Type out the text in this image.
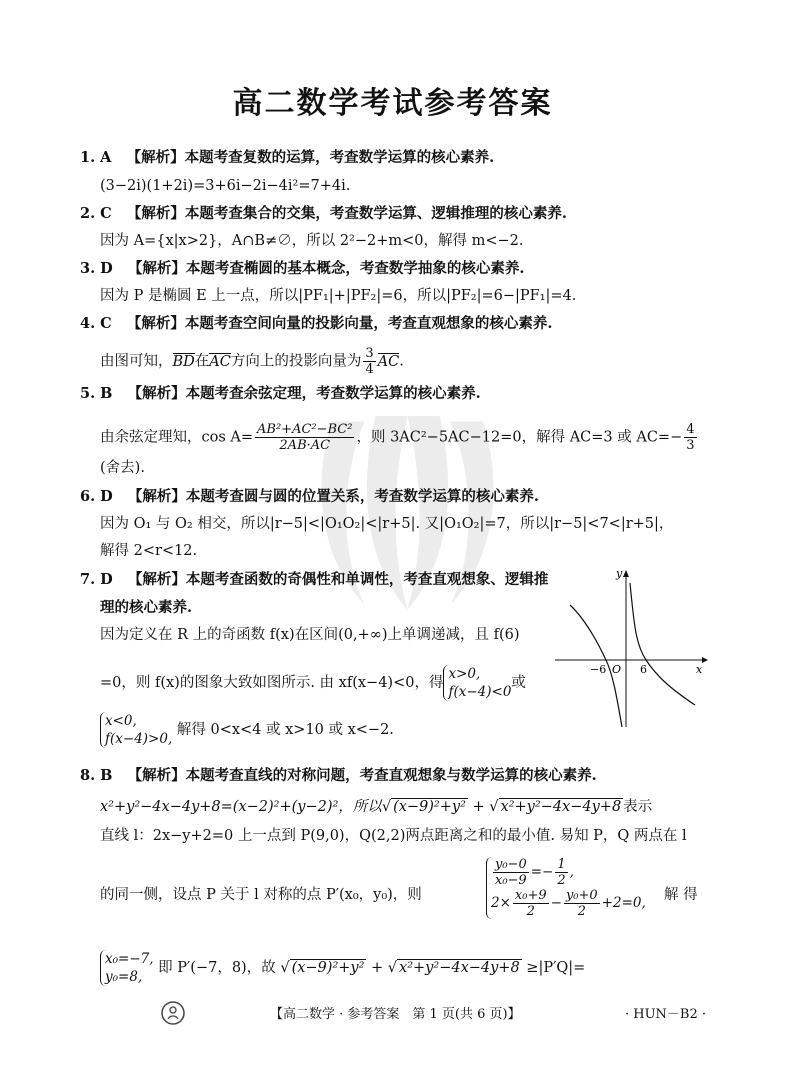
高二数学考试参考答案
1. A 【解析】本题考查复数的运算，考查数学运算的核心素养.
(3−2i)(1+2i)=3+6i−2i−4i²=7+4i.
2. C 【解析】本题考查集合的交集，考查数学运算、逻辑推理的核心素养.
因为 A={x|x>2}，A∩B≠∅，所以 2²−2+m<0，解得 m<−2.
3. D 【解析】本题考查椭圆的基本概念，考查数学抽象的核心素养.
因为 P 是椭圆 E 上一点，所以|PF₁|+|PF₂|=6，所以|PF₂|=6−|PF₁|=4.
4. C 【解析】本题考查空间向量的投影向量，考查直观想象的核心素养.
由图可知，BD在AC方向上的投影向量为 $\frac{3}{4}$ AC.
5. B 【解析】本题考查余弦定理，考查数学运算的核心素养.
由余弦定理知，$\cos A= \frac{\text{AB²+AC²−BC²}}{2AB\cdot AC}$ ，则 3AC²−5AC−12=0，解得 AC=3 或 $AC=- \frac{4}{3}$
(舍去).
6. D 【解析】本题考查圆与圆的位置关系，考查数学运算的核心素养.
因为 O₁ 与 O₂ 相交，所以|r−5|<|O₁O₂|<|r+5|. 又|O₁O₂|=7，所以|r−5|<7<|r+5|，
解得 2<r<12.
7. D 【解析】本题考查函数的奇偶性和单调性，考查直观想象、逻辑推
理的核心素养.
因为定义在 R 上的奇函数 f(x)在区间(0,+∞)上单调递减，且 f(6)
=0，则 f(x)的图象大致如图所示. 由 xf(x−4)<0，得
x>0,
f(x−4)<0
或
x<0,
f(x−4)>0,
解得 0<x<4 或 x>10 或 x<−2.
y
x
O
−6	6
8. B 【解析】本题考查直线的对称问题，考查直观想象与数学运算的核心素养.
x²+y²−4x−4y+8=(x−2)²+(y−2)²，所以√ (x−9)²+y² + √ x²+y²−4x−4y+8 表示
直线 l：2x−y+2=0 上一点到 P(9,0)，Q(2,2)两点距离之和的最小值. 易知 P，Q 两点在 l
的同一侧，设点 P 关于 l 对称的点 P′(x₀，y₀)，则
$\frac{\text{y₀−0}}{\text{x₀−9}} =- \frac{1}{2}$ ,
$2\times \frac{\text{x₀+9}}{2} - \frac{\text{y₀+0}}{2} +2=0$, 解 得
x₀=−7,
y₀=8,
即 P′(−7，8)，故 √ (x−9)²+y² + √ x²+y²−4x−4y+8 ≥|P′Q|=
【高二数学 · 参考答案　第 1 页(共 6 页)】	· HUN－B2 ·
